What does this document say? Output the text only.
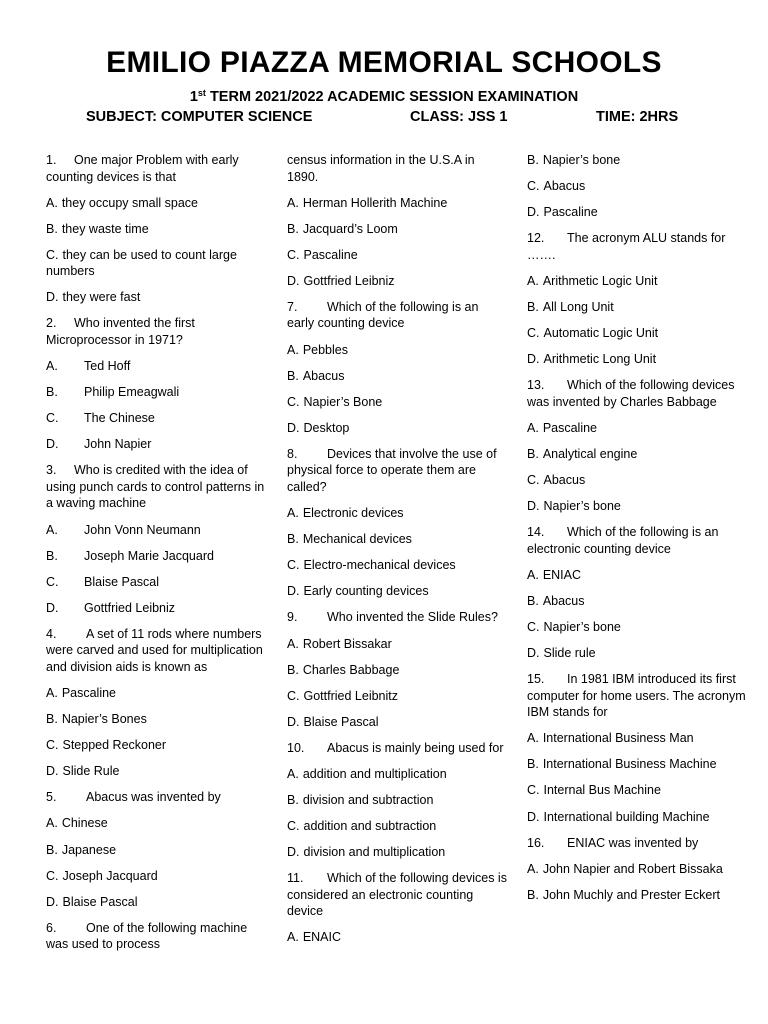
EMILIO PIAZZA MEMORIAL SCHOOLS
1st TERM 2021/2022 ACADEMIC SESSION EXAMINATION
SUBJECT: COMPUTER SCIENCE	CLASS: JSS 1	TIME: 2HRS

1. One major Problem with early counting devices is that

A. they occupy small space

B. they waste time

C. they can be used to count large numbers

D. they were fast

2. Who invented the first Microprocessor in 1971?

A. Ted Hoff

B. Philip Emeagwali

C. The Chinese

D. John Napier

3. Who is credited with the idea of using punch cards to control patterns in a waving machine

A. John Vonn Neumann

B. Joseph Marie Jacquard

C. Blaise Pascal

D. Gottfried Leibniz

4. A set of 11 rods where numbers were carved and used for multiplication and division aids is known as

A. Pascaline

B. Napier’s Bones

C. Stepped Reckoner

D. Slide Rule

5. Abacus was invented by

A. Chinese

B. Japanese

C. Joseph Jacquard

D. Blaise Pascal

6. One of the following machine was used to process

census information in the U.S.A in 1890.

A. Herman Hollerith Machine

B. Jacquard’s Loom

C. Pascaline

D. Gottfried Leibniz

7. Which of the following is an early counting device

A. Pebbles

B. Abacus

C. Napier’s Bone

D. Desktop

8. Devices that involve the use of physical force to operate them are called?

A. Electronic devices

B. Mechanical devices

C. Electro-mechanical devices

D. Early counting devices

9. Who invented the Slide Rules?

A. Robert Bissakar

B. Charles Babbage

C. Gottfried Leibnitz

D. Blaise Pascal

10. Abacus is mainly being used for

A. addition and multiplication

B. division and subtraction

C. addition and subtraction

D. division and multiplication

11. Which of the following devices is considered an electronic counting device

A. ENAIC

B. Napier’s bone

C. Abacus

D. Pascaline

12. The acronym ALU stands for …….

A. Arithmetic Logic Unit

B. All Long Unit

C. Automatic Logic Unit

D. Arithmetic Long Unit

13. Which of the following devices was invented by Charles Babbage

A. Pascaline

B. Analytical engine

C. Abacus

D. Napier’s bone

14. Which of the following is an electronic counting device

A. ENIAC

B. Abacus

C. Napier’s bone

D. Slide rule

15. In 1981 IBM introduced its first computer for home users. The acronym IBM stands for

A. International Business Man

B. International Business Machine

C. Internal Bus Machine

D. International building Machine

16. ENIAC was invented by

A. John Napier and Robert Bissaka

B. John Muchly and Prester Eckert
